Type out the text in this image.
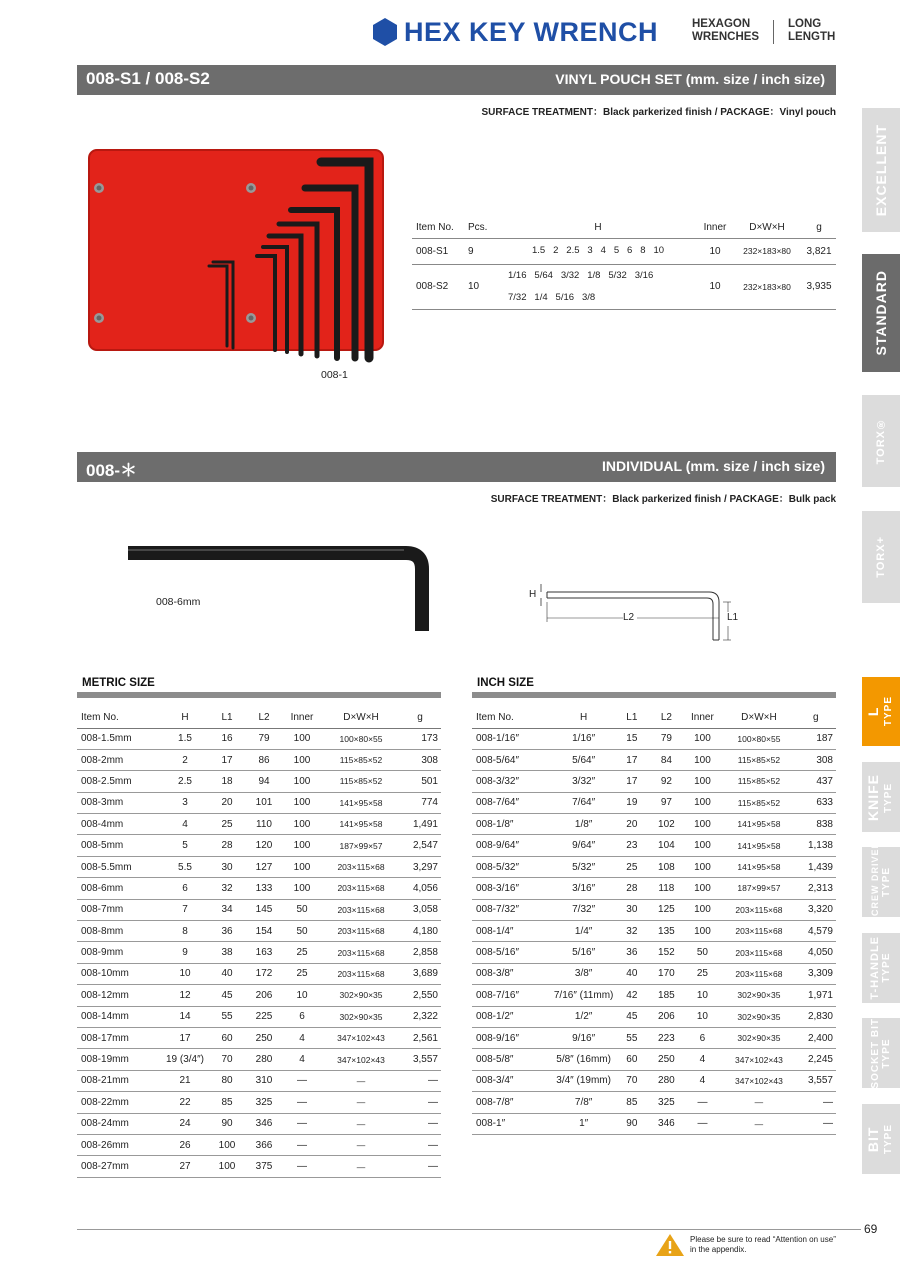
HEX KEY WRENCH	HEXAGON
WRENCHES
LONG
LENGTH
008-S1 / 008-S2	VINYL POUCH SET (mm. size / inch size)
SURFACE TREATMENT：Black parkerized finish / PACKAGE：Vinyl pouch
008-1
Item No.	Pcs.	H	Inner	D×W×H	g
008-S1	9	1.5   2   2.5   3   4   5   6   8   10	10	232×183×80	3,821
008-S2	10	1/16   5/64   3/32   1/8   5/32   3/16
7/32   1/4   5/16   3/8	10	232×183×80	3,935
008-＊	INDIVIDUAL (mm. size / inch size)
SURFACE TREATMENT：Black parkerized finish / PACKAGE：Bulk pack
008-6mm
H
L2	L1
METRIC SIZE
Item No.	H	L1	L2	Inner	D×W×H	g
008-1.5mm	1.5	16	79	100	100×80×55	173
008-2mm	2	17	86	100	115×85×52	308
008-2.5mm	2.5	18	94	100	115×85×52	501
008-3mm	3	20	101	100	141×95×58	774
008-4mm	4	25	110	100	141×95×58	1,491
008-5mm	5	28	120	100	187×99×57	2,547
008-5.5mm	5.5	30	127	100	203×115×68	3,297
008-6mm	6	32	133	100	203×115×68	4,056
008-7mm	7	34	145	50	203×115×68	3,058
008-8mm	8	36	154	50	203×115×68	4,180
008-9mm	9	38	163	25	203×115×68	2,858
008-10mm	10	40	172	25	203×115×68	3,689
008-12mm	12	45	206	10	302×90×35	2,550
008-14mm	14	55	225	6	302×90×35	2,322
008-17mm	17	60	250	4	347×102×43	2,561
008-19mm	19 (3/4″)	70	280	4	347×102×43	3,557
008-21mm	21	80	310	—	—	—
008-22mm	22	85	325	—	—	—
008-24mm	24	90	346	—	—	—
008-26mm	26	100	366	—	—	—
008-27mm	27	100	375	—	—	—
INCH SIZE
Item No.	H	L1	L2	Inner	D×W×H	g
008-1/16″	1/16″	15	79	100	100×80×55	187
008-5/64″	5/64″	17	84	100	115×85×52	308
008-3/32″	3/32″	17	92	100	115×85×52	437
008-7/64″	7/64″	19	97	100	115×85×52	633
008-1/8″	1/8″	20	102	100	141×95×58	838
008-9/64″	9/64″	23	104	100	141×95×58	1,138
008-5/32″	5/32″	25	108	100	141×95×58	1,439
008-3/16″	3/16″	28	118	100	187×99×57	2,313
008-7/32″	7/32″	30	125	100	203×115×68	3,320
008-1/4″	1/4″	32	135	100	203×115×68	4,579
008-5/16″	5/16″	36	152	50	203×115×68	4,050
008-3/8″	3/8″	40	170	25	203×115×68	3,309
008-7/16″	7/16″ (11mm)	42	185	10	302×90×35	1,971
008-1/2″	1/2″	45	206	10	302×90×35	2,830
008-9/16″	9/16″	55	223	6	302×90×35	2,400
008-5/8″	5/8″ (16mm)	60	250	4	347×102×43	2,245
008-3/4″	3/4″ (19mm)	70	280	4	347×102×43	3,557
008-7/8″	7/8″	85	325	—	—	—
008-1″	1″	90	346	—	—	—
EXCELLENT
STANDARD
TORX®
TORX+
L TYPE
KNIFE TYPE
SCREW DRIVER TYPE
T-HANDLE TYPE
SOCKET BIT TYPE
BIT TYPE
69
Please be sure to read “Attention on use”
in the appendix.
